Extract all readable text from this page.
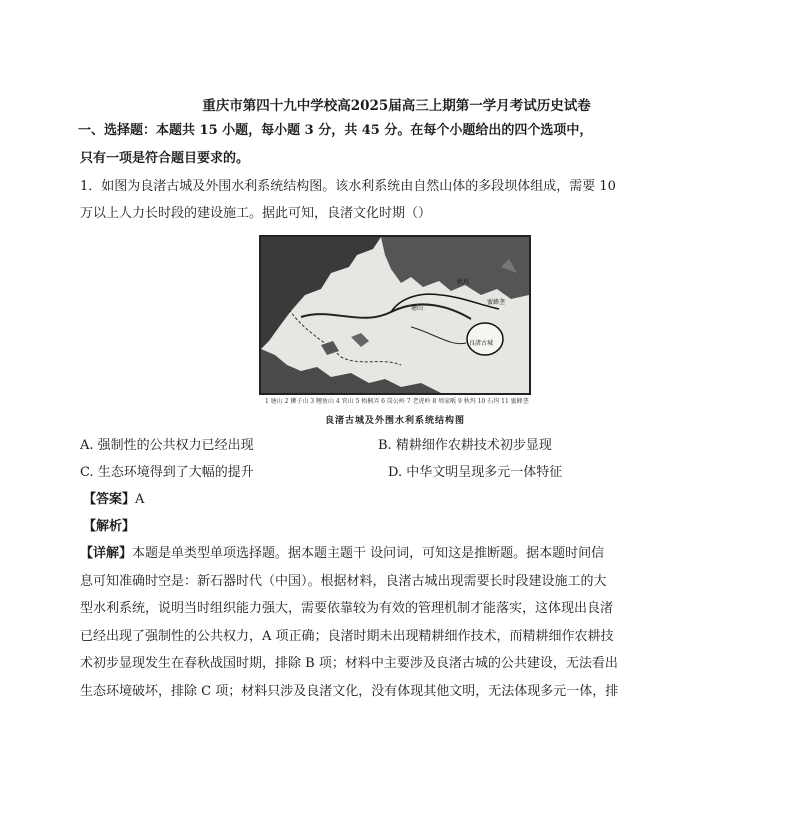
重庆市第四十九中学校高2025届高三上期第一学月考试历史试卷
一、选择题：本题共 15 小题，每小题 3 分，共 45 分。在每个小题给出的四个选项中，
只有一项是符合题目要求的。
1．如图为良渚古城及外围水利系统结构图。该水利系统由自然山体的多段坝体组成，需要 10
万以上人力长时段的建设施工。据此可知，良渚文化时期（）
良渚古城
塘山
秋坞
蜜蜂垄
1 塘山 2 狮子山 3 鲤鱼山 4 官山 5 梧桐弄 6 岗公岭 7 老虎岭 8 周家畈 9 秋坞 10 石坞 11 蜜蜂垄
良渚古城及外围水利系统结构图
A. 强制性的公共权力已经出现	B. 精耕细作农耕技术初步显现
C. 生态环境得到了大幅的提升	D. 中华文明呈现多元一体特征
【答案】A
【解析】
【详解】本题是单类型单项选择题。据本题主题干 设问词，可知这是推断题。据本题时间信
息可知准确时空是：新石器时代（中国）。根据材料，良渚古城出现需要长时段建设施工的大
型水利系统，说明当时组织能力强大，需要依靠较为有效的管理机制才能落实，这体现出良渚
已经出现了强制性的公共权力，A 项正确；良渚时期未出现精耕细作技术，而精耕细作农耕技
术初步显现发生在春秋战国时期，排除 B 项；材料中主要涉及良渚古城的公共建设，无法看出
生态环境破坏，排除 C 项；材料只涉及良渚文化，没有体现其他文明，无法体现多元一体，排
